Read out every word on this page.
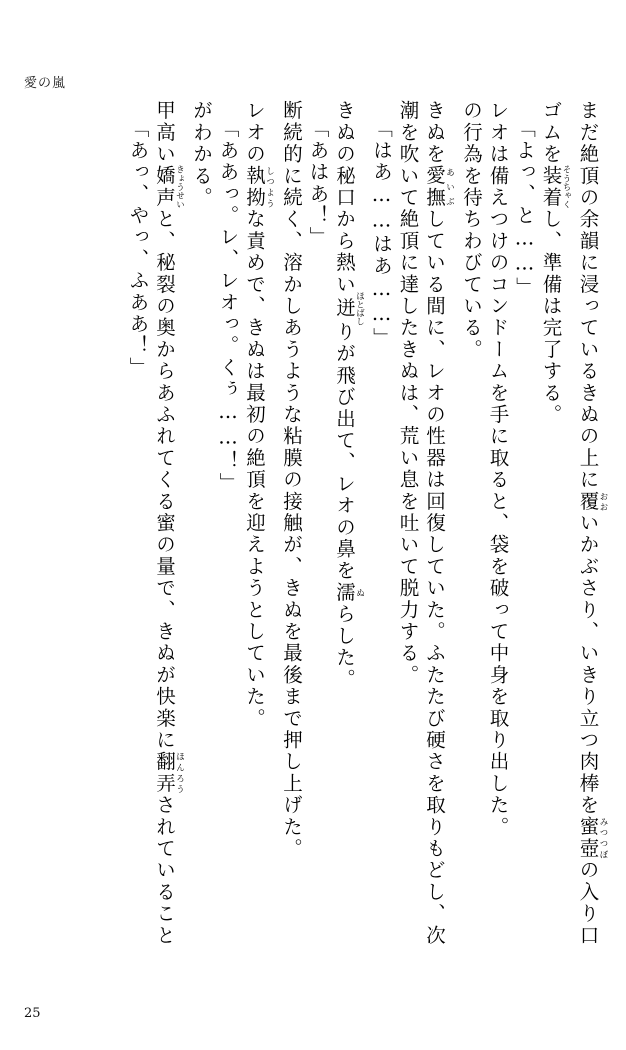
愛の嵐
「あっ、やっ、ふああ！」 甲高い嬌声きょうせいと、秘裂の奥からあふれてくる蜜の量で、きぬが快楽に翻弄ほんろうされていること
がわかる。 「ああっ。レ、レオっ。くぅ……！」 レオの執拗しつような責めで、きぬは最初の絶頂を迎えようとしていた。 断続的に続く、溶かしあうような粘膜の接触が、きぬを最後まで押し上げた。 「あはあ！」 きぬの秘口から熱い迸ほとばしりが飛び出て、レオの鼻を濡ぬらした。
「はあ……はあ……」 潮を吹いて絶頂に達したきぬは、荒い息を吐いて脱力する。 きぬを愛撫あいぶしている間に、レオの性器は回復していた。ふたたび硬さを取りもどし、次 の行為を待ちわびている。 レオは備えつけのコンドームを手に取ると、袋を破って中身を取り出した。 「よっ、と……」 ゴムを装着そうちゃくし、準備は完了する。 まだ絶頂の余韻に浸っているきぬの上に覆おおいかぶさり、いきり立つ肉棒を蜜壺みつつぼの入り口
25
